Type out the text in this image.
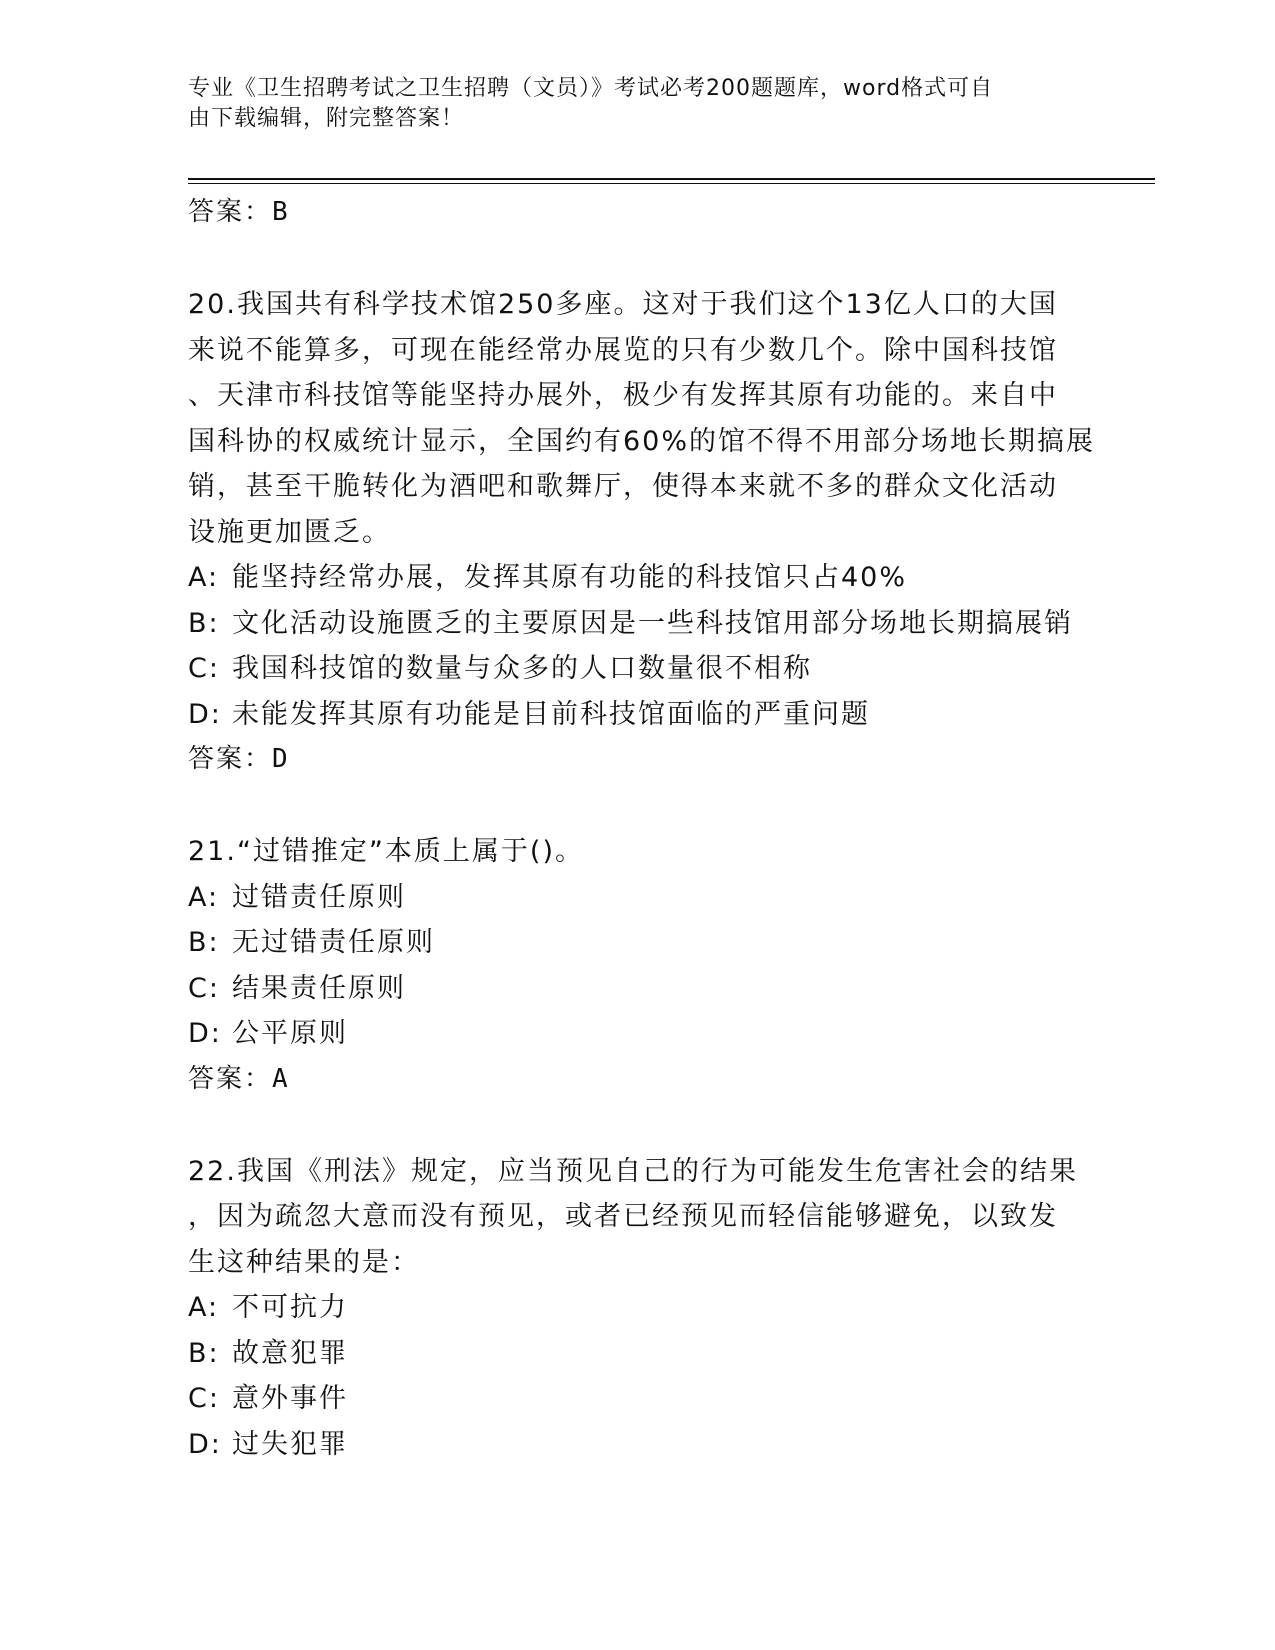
专业《卫生招聘考试之卫生招聘（文员）》考试必考200题题库，word格式可自
由下载编辑，附完整答案！
答案：B
20.我国共有科学技术馆250多座。这对于我们这个13亿人口的大国
来说不能算多，可现在能经常办展览的只有少数几个。除中国科技馆
、天津市科技馆等能坚持办展外，极少有发挥其原有功能的。来自中
国科协的权威统计显示，全国约有60%的馆不得不用部分场地长期搞展
销，甚至干脆转化为酒吧和歌舞厅，使得本来就不多的群众文化活动
设施更加匮乏。
A: 能坚持经常办展，发挥其原有功能的科技馆只占40%
B: 文化活动设施匮乏的主要原因是一些科技馆用部分场地长期搞展销
C: 我国科技馆的数量与众多的人口数量很不相称
D: 未能发挥其原有功能是目前科技馆面临的严重问题
答案：D
21.“过错推定”本质上属于()。
A: 过错责任原则
B: 无过错责任原则
C: 结果责任原则
D: 公平原则
答案：A
22.我国《刑法》规定，应当预见自己的行为可能发生危害社会的结果
，因为疏忽大意而没有预见，或者已经预见而轻信能够避免，以致发
生这种结果的是：
A: 不可抗力
B: 故意犯罪
C: 意外事件
D: 过失犯罪
